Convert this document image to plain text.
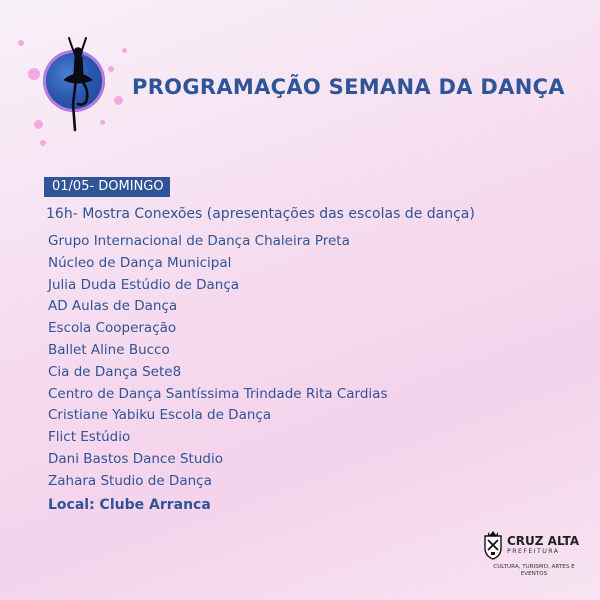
PROGRAMAÇÃO SEMANA DA DANÇA
01/05- DOMINGO
16h- Mostra Conexões (apresentações das escolas de dança)
Grupo Internacional de Dança Chaleira Preta
Núcleo de Dança Municipal
Julia Duda Estúdio de Dança
AD Aulas de Dança
Escola Cooperação
Ballet Aline Bucco
Cia de Dança Sete8
Centro de Dança Santíssima Trindade Rita Cardias
Cristiane Yabiku Escola de Dança
Flict Estúdio
Dani Bastos Dance Studio
Zahara Studio de Dança
Local: Clube Arranca
CRUZ ALTA
PREFEITURA
CULTURA, TURISMO, ARTES E EVENTOS
